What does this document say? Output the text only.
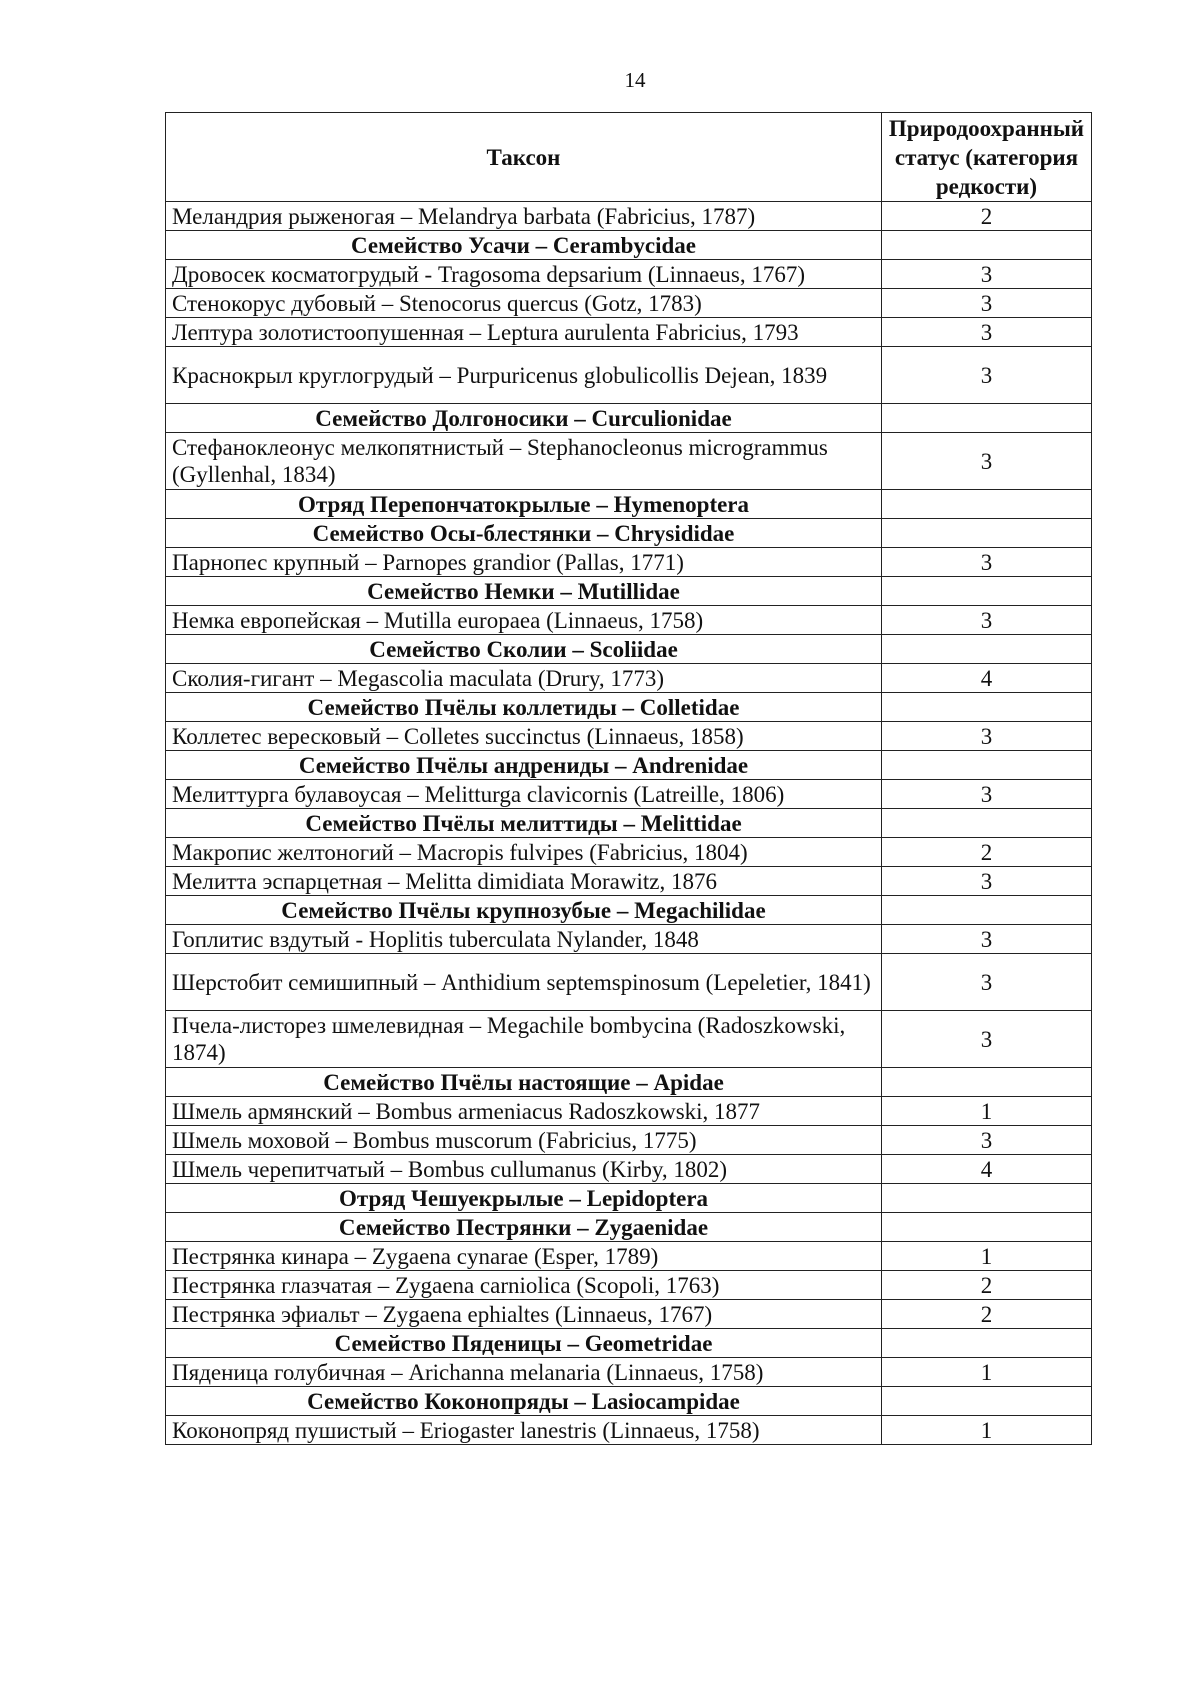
14
Таксон	Природоохранный статус (категория редкости)
Меландрия рыженогая – Melandrya barbata (Fabricius, 1787)	2
Семейство Усачи – Cerambycidae	
Дровосек косматогрудый - Tragosoma depsarium (Linnaeus, 1767)	3
Стенокорус дубовый – Stenocorus quercus (Gotz, 1783)	3
Лептура золотистоопушенная – Leptura aurulenta Fabricius, 1793	3
Краснокрыл круглогрудый – Purpuricenus globulicollis Dejean, 1839	3
Семейство Долгоносики – Curculionidae	
Стефаноклеонус мелкопятнистый – Stephanocleonus microgrammus (Gyllenhal, 1834)	3
Отряд Перепончатокрылые – Hymenoptera	
Семейство Осы-блестянки – Chrysididae	
Парнопес крупный – Parnopes grandior (Pallas, 1771)	3
Семейство Немки – Mutillidae	
Немка европейская – Mutilla europaea (Linnaeus, 1758)	3
Семейство Сколии – Scoliidae	
Сколия-гигант – Megascolia maculata (Drury, 1773)	4
Семейство Пчёлы коллетиды – Colletidae	
Коллетес вересковый – Colletes succinctus (Linnaeus, 1858)	3
Семейство Пчёлы андрениды – Andrenidae	
Мелиттурга булавоусая – Melitturga clavicornis (Latreille, 1806)	3
Семейство Пчёлы мелиттиды – Melittidae	
Макропис желтоногий – Macropis fulvipes (Fabricius, 1804)	2
Мелитта эспарцетная – Melitta dimidiata Morawitz, 1876	3
Семейство Пчёлы крупнозубые – Megachilidae	
Гоплитис вздутый - Hoplitis tuberculata Nylander, 1848	3
Шерстобит семишипный – Anthidium septemspinosum (Lepeletier, 1841)	3
Пчела-листорез шмелевидная – Megachile bombycina (Radoszkowski, 1874)	3
Семейство Пчёлы настоящие – Apidae	
Шмель армянский – Bombus armeniacus Radoszkowski, 1877	1
Шмель моховой – Bombus muscorum (Fabricius, 1775)	3
Шмель черепитчатый – Bombus cullumanus (Kirby, 1802)	4
Отряд Чешуекрылые – Lepidoptera	
Семейство Пестрянки – Zygaenidae	
Пестрянка кинара – Zygaena cynarae (Esper, 1789)	1
Пестрянка глазчатая – Zygaena carniolica (Scopoli, 1763)	2
Пестрянка эфиальт – Zygaena ephialtes (Linnaeus, 1767)	2
Семейство Пяденицы – Geometridae	
Пяденица голубичная – Arichanna melanaria (Linnaeus, 1758)	1
Семейство Коконопряды – Lasiocampidae	
Коконопряд пушистый – Eriogaster lanestris (Linnaeus, 1758)	1
